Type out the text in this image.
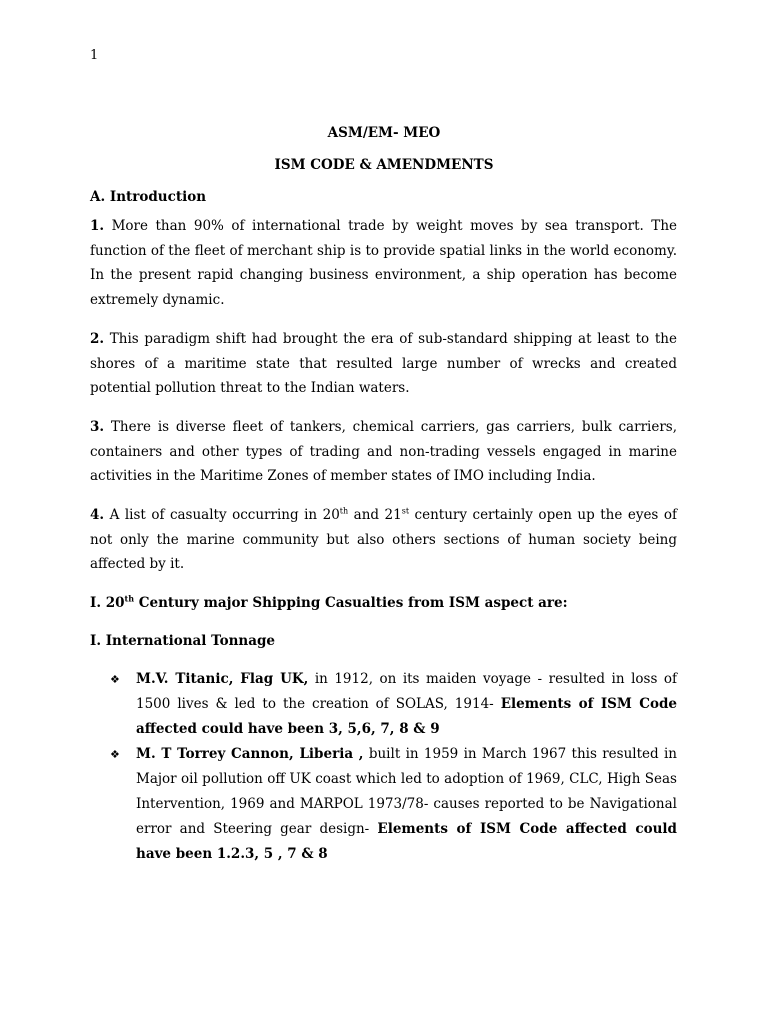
1
ASM/EM- MEO
ISM CODE & AMENDMENTS
A. Introduction

1. More than 90% of international trade by weight moves by sea transport. The function of the fleet of merchant ship is to provide spatial links in the world economy. In the present rapid changing business environment, a ship operation has become extremely dynamic.

2. This paradigm shift had brought the era of sub-standard shipping at least to the shores of a maritime state that resulted large number of wrecks and created potential pollution threat to the Indian waters.

3. There is diverse fleet of tankers, chemical carriers, gas carriers, bulk carriers, containers and other types of trading and non-trading vessels engaged in marine activities in the Maritime Zones of member states of IMO including India.

4. A list of casualty occurring in 20th and 21st century certainly open up the eyes of not only the marine community but also others sections of human society being affected by it.

I. 20th Century major Shipping Casualties from ISM aspect are:
I. International Tonnage
❖ M.V. Titanic, Flag UK, in 1912, on its maiden voyage - resulted in loss of 1500 lives & led to the creation of SOLAS, 1914- Elements of ISM Code affected could have been 3, 5,6, 7, 8 & 9
❖ M. T Torrey Cannon, Liberia , built in 1959 in March 1967 this resulted in Major oil pollution off UK coast which led to adoption of 1969, CLC, High Seas Intervention, 1969 and MARPOL 1973/78- causes reported to be Navigational error and Steering gear design- Elements of ISM Code affected could have been 1.2.3, 5 , 7 & 8
